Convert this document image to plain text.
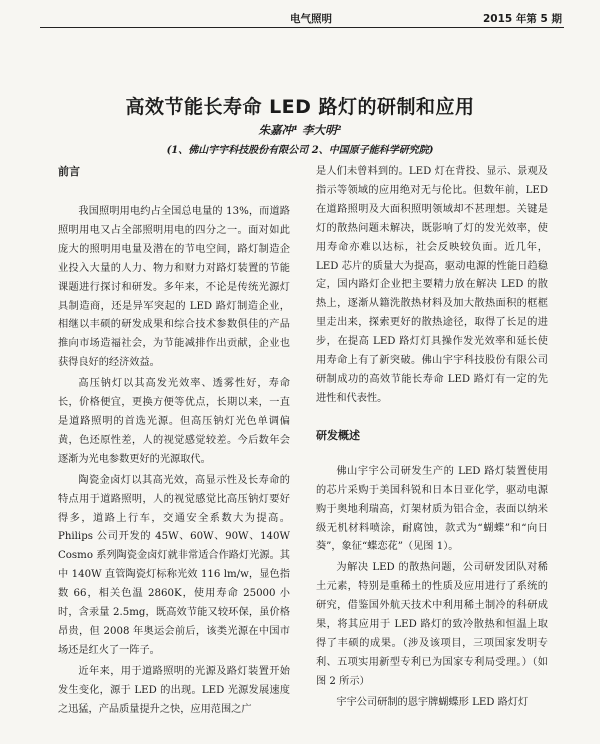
电气照明	2015 年第 5 期
高效节能长寿命 LED 路灯的研制和应用
朱嘉冲¹ 李大明²
(1、佛山宇宇科技股份有限公司 2、中国原子能科学研究院)
前言

我国照明用电约占全国总电量的 13%，而道路照明用电又占全部照明用电的四分之一。面对如此庞大的照明用电量及潜在的节电空间，路灯制造企业投入大量的人力、物力和财力对路灯装置的节能课题进行探讨和研发。多年来，不论是传统光源灯具制造商，还是异军突起的 LED 路灯制造企业，相继以丰硕的研发成果和综合技术参数俱佳的产品推向市场造福社会，为节能减排作出贡献，企业也获得良好的经济效益。

高压钠灯以其高发光效率、透雾性好，寿命长，价格便宜，更换方便等优点，长期以来，一直是道路照明的首选光源。但高压钠灯光色单调偏黄，色还原性差，人的视觉感觉较差。今后数年会逐渐为光电参数更好的光源取代。

陶瓷金卤灯以其高光效，高显示性及长寿命的特点用于道路照明，人的视觉感觉比高压钠灯要好得多，道路上行车，交通安全系数大为提高。Philips 公司开发的 45W、60W、90W、140W Cosmo 系列陶瓷金卤灯就非常适合作路灯光源。其中 140W 直管陶瓷灯标称光效 116 lm/w，显色指数 66，相关色温 2860K，使用寿命 25000 小时，含汞量 2.5mg，既高效节能又较环保，虽价格昂贵，但 2008 年奥运会前后，该类光源在中国市场还是红火了一阵子。

近年来，用于道路照明的光源及路灯装置开始发生变化，源于 LED 的出现。LED 光源发展速度之迅猛，产品质量提升之快，应用范围之广

是人们未曾料到的。LED 灯在背投、显示、景观及指示等领域的应用绝对无与伦比。但数年前，LED 在道路照明及大面积照明领域却不甚理想。关键是灯的散热问题未解决，既影响了灯的发光效率，使用寿命亦难以达标，社会反映较负面。近几年，LED 芯片的质量大为提高，驱动电源的性能日趋稳定，国内路灯企业把主要精力放在解决 LED 的散热上，逐渐从籍洗散热材料及加大散热面积的框框里走出来，探索更好的散热途径，取得了长足的进步，在提高 LED 路灯灯具操作发光效率和延长使用寿命上有了新突破。佛山宇宇科技股份有限公司研制成功的高效节能长寿命 LED 路灯有一定的先进性和代表性。

研发概述

佛山宇宇公司研发生产的 LED 路灯装置使用的芯片采购于美国科锐和日本日亚化学，驱动电源购于奥地利瑞高，灯架材质为铝合金，表面以纳米级无机材料喷涂，耐腐蚀，款式为“蝴蝶”和“向日葵”，象征“蝶恋花”（见图 1）。

为解决 LED 的散热问题，公司研发团队对稀土元素，特别是重稀土的性质及应用进行了系统的研究，借鉴国外航天技术中利用稀土制冷的科研成果，将其应用于 LED 路灯的致冷散热和恒温上取得了丰硕的成果。（涉及该项目，三项国家发明专利、五项实用新型专利已为国家专利局受理。）（如图 2 所示）

宇宇公司研制的恩宇牌蝴蝶形 LED 路灯灯
